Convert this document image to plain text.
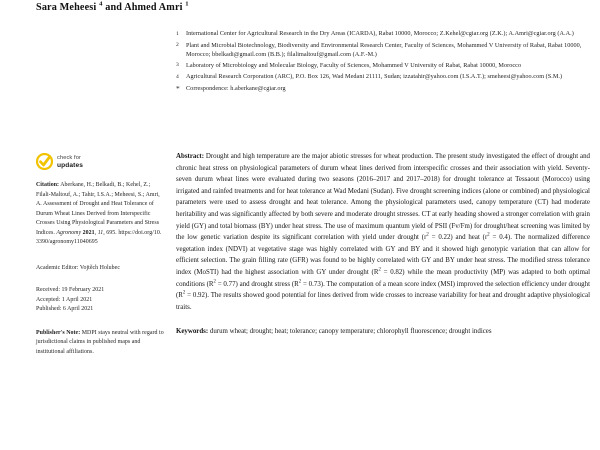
Sara Meheesi $^4$ and Ahmed Amri $^1$
1	International Center for Agricultural Research in the Dry Areas (ICARDA), Rabat 10000, Morocco; Z.Kehel@cgiar.org (Z.K.); A.Amri@cgiar.org (A.A.)
2	Plant and Microbial Biotechnology, Biodiversity and Environmental Research Center, Faculty of Sciences, Mohammed V University of Rabat, Rabat 10000, Morocco; bbelkadi@gmail.com (B.B.); filalimaltouf@gmail.com (A.F.-M.)
3	Laboratory of Microbiology and Molecular Biology, Faculty of Sciences, Mohammed V University of Rabat, Rabat 10000, Morocco
4	Agricultural Research Corporation (ARC), P.O. Box 126, Wad Medani 21111, Sudan; izzatahir@yahoo.com (I.S.A.T.); smeheesi@yahoo.com (S.M.)
*	Correspondence: h.aberkane@cgiar.org
check for
updates
Citation: Aberkane, H.; Belkadi, B.; Kehel, Z.; Filali-Maltouf, A.; Tahir, I.S.A.; Meheesi, S.; Amri, A. Assessment of Drought and Heat Tolerance of Durum Wheat Lines Derived from Interspecific Crosses Using Physiological Parameters and Stress Indices. Agronomy 2021, 11, 695. https://doi.org/10.3390/agronomy11040695
Academic Editor: Vojtěch Holubec
Received: 19 February 2021
Accepted: 1 April 2021
Published: 6 April 2021
Publisher's Note: MDPI stays neutral with regard to jurisdictional claims in published maps and institutional affiliations.
Abstract: Drought and high temperature are the major abiotic stresses for wheat production. The present study investigated the effect of drought and chronic heat stress on physiological parameters of durum wheat lines derived from interspecific crosses and their association with yield. Seventy-seven durum wheat lines were evaluated during two seasons (2016–2017 and 2017–2018) for drought tolerance at Tessaout (Morocco) using irrigated and rainfed treatments and for heat tolerance at Wad Medani (Sudan). Five drought screening indices (alone or combined) and physiological parameters were used to assess drought and heat tolerance. Among the physiological parameters used, canopy temperature (CT) had moderate heritability and was significantly affected by both severe and moderate drought stresses. CT at early heading showed a stronger correlation with grain yield (GY) and total biomass (BY) under heat stress. The use of maximum quantum yield of PSII (Fv/Fm) for drought/heat screening was limited by the low genetic variation despite its significant correlation with yield under drought $(r^2 = 0.22)$ and heat $(r^2 = 0.4)$. The normalized difference vegetation index (NDVI) at vegetative stage was highly correlated with GY and BY and it showed high genotypic variation that can allow for efficient selection. The grain filling rate (GFR) was found to be highly correlated with GY and BY under heat stress. The modified stress tolerance index (MoSTI) had the highest association with GY under drought $(R^2 = 0.82)$ while the mean productivity (MP) was adapted to both optimal conditions $(R^2 = 0.77)$ and drought stress $(R^2 = 0.73)$. The computation of a mean score index (MSI) improved the selection efficiency under drought $(R^2 = 0.92)$. The results showed good potential for lines derived from wide crosses to increase variability for heat and drought adaptive physiological traits.
Keywords: durum wheat; drought; heat; tolerance; canopy temperature; chlorophyll fluorescence; drought indices
